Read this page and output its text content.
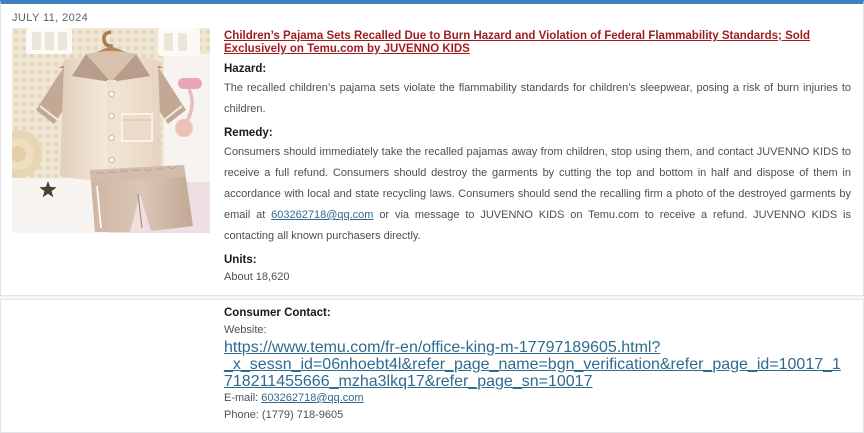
JULY 11, 2024
Children’s Pajama Sets Recalled Due to Burn Hazard and Violation of Federal Flammability Standards; Sold Exclusively on Temu.com by JUVENNO KIDS
Hazard:

The recalled children’s pajama sets violate the flammability standards for children’s sleepwear, posing a risk of burn injuries to children.

Remedy:

Consumers should immediately take the recalled pajamas away from children, stop using them, and contact JUVENNO KIDS to receive a full refund. Consumers should destroy the garments by cutting the top and bottom in half and dispose of them in accordance with local and state recycling laws. Consumers should send the recalling firm a photo of the destroyed garments by email at 603262718@qq.com or via message to JUVENNO KIDS on Temu.com to receive a refund. JUVENNO KIDS is contacting all known purchasers directly.

Units:
About 18,620
Consumer Contact:
Website:
https://www.temu.com/fr-en/office-king-m-17797189605.html?
_x_sessn_id=06nhoebt4l&refer_page_name=bgn_verification&refer_page_id=10017_1718211455666_mzha3lkq17&refer_page_sn=10017
E-mail: 603262718@qq.com
Phone: (1779) 718-9605
